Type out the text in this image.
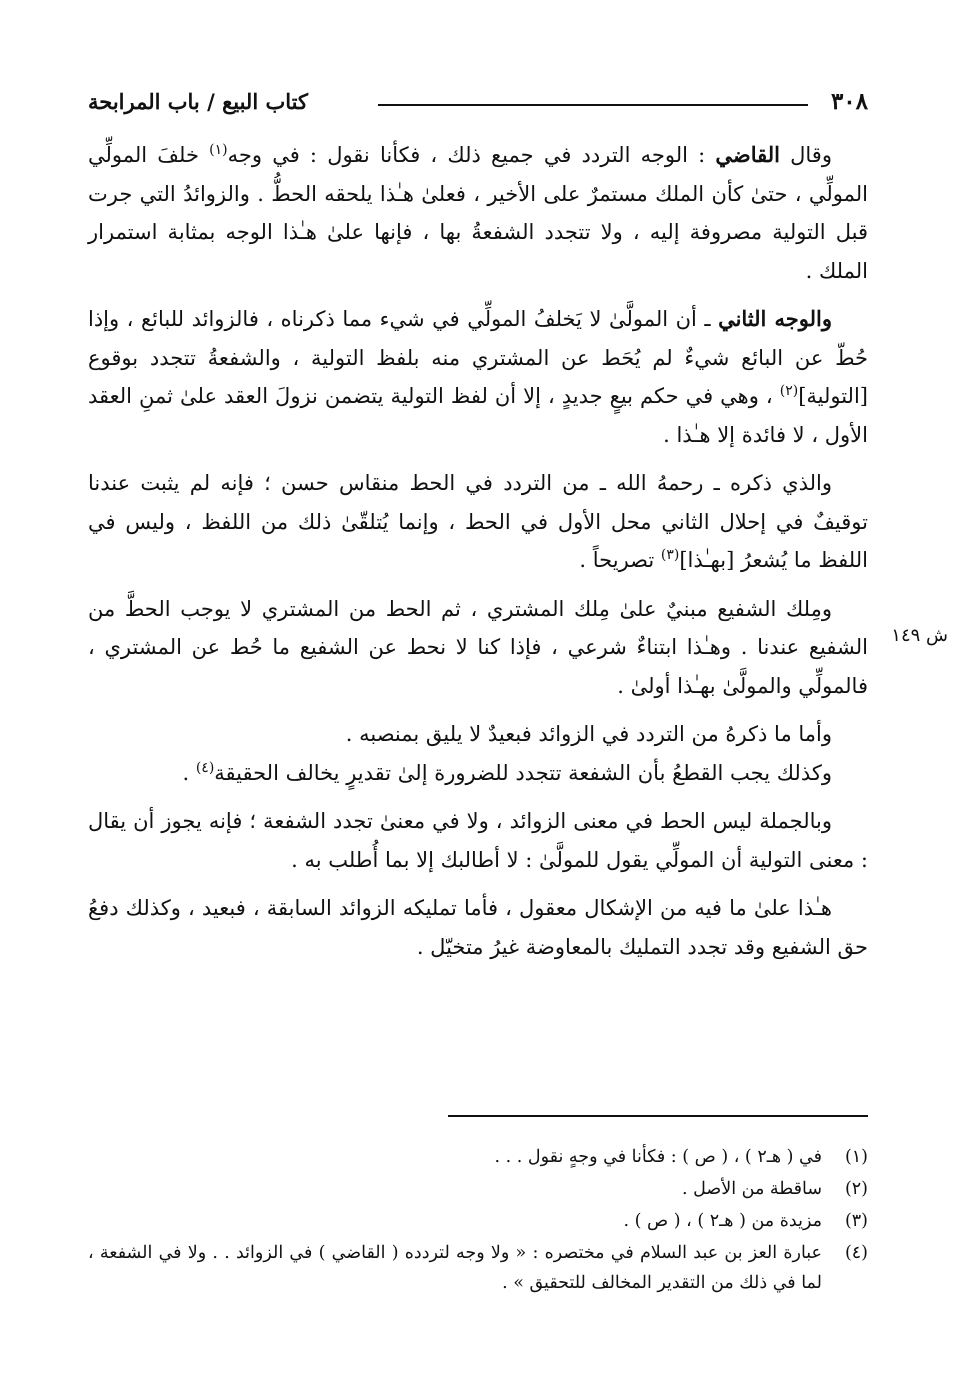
٣٠٨
كتاب البيع / باب المرابحة

وقال القاضي : الوجه التردد في جميع ذلك ، فكأنا نقول : في وجه$^{(١)}$ خلفَ المولِّي المولِّي ، حتىٰ كأن الملك مستمرٌ على الأخير ، فعلىٰ هـٰذا يلحقه الحطُّ . والزوائدُ التي جرت قبل التولية مصروفة إليه ، ولا تتجدد الشفعةُ بها ، فإنها علىٰ هـٰذا الوجه بمثابة استمرار الملك .

والوجه الثاني ـ أن المولَّىٰ لا يَخلفُ المولِّي في شيء مما ذكرناه ، فالزوائد للبائع ، وإذا حُطّ عن البائع شيءٌ لم يُحَط عن المشتري منه بلفظ التولية ، والشفعةُ تتجدد بوقوع [التولية]$^{(٢)}$ ، وهي في حكم بيعٍ جديدٍ ، إلا أن لفظ التولية يتضمن نزولَ العقد علىٰ ثمنِ العقد الأول ، لا فائدة إلا هـٰذا .

والذي ذكره ـ رحمهُ الله ـ من التردد في الحط منقاس حسن ؛ فإنه لم يثبت عندنا توقيفٌ في إحلال الثاني محل الأول في الحط ، وإنما يُتلقّىٰ ذلك من اللفظ ، وليس في اللفظ ما يُشعرُ [بهـٰذا]$^{(٣)}$ تصريحاً .

ومِلك الشفيع مبنيٌ علىٰ مِلك المشتري ، ثم الحط من المشتري لا يوجب الحطَّ من الشفيع عندنا . وهـٰذا ابتناءٌ شرعي ، فإذا كنا لا نحط عن الشفيع ما حُط عن المشتري ، فالمولِّي والمولَّىٰ بهـٰذا أولىٰ .

وأما ما ذكرهُ من التردد في الزوائد فبعيدٌ لا يليق بمنصبه .

وكذلك يجب القطعُ بأن الشفعة تتجدد للضرورة إلىٰ تقديرٍ يخالف الحقيقة$^{(٤)}$ .

وبالجملة ليس الحط في معنى الزوائد ، ولا في معنىٰ تجدد الشفعة ؛ فإنه يجوز أن يقال : معنى التولية أن المولِّي يقول للمولَّىٰ : لا أطالبك إلا بما أُطلب به .

هـٰذا علىٰ ما فيه من الإشكال معقول ، فأما تمليكه الزوائد السابقة ، فبعيد ، وكذلك دفعُ حق الشفيع وقد تجدد التمليك بالمعاوضة غيرُ متخيّل .

ش ١٤٩
(١)
في ( هـ٢ ) ، ( ص ) : فكأنا في وجهٍ نقول . . .
(٢)
ساقطة من الأصل .
(٣)
مزيدة من ( هـ٢ ) ، ( ص ) .
(٤)
عبارة العز بن عبد السلام في مختصره : « ولا وجه لتردده ( القاضي ) في الزوائد . . ولا في الشفعة ، لما في ذلك من التقدير المخالف للتحقيق » .
